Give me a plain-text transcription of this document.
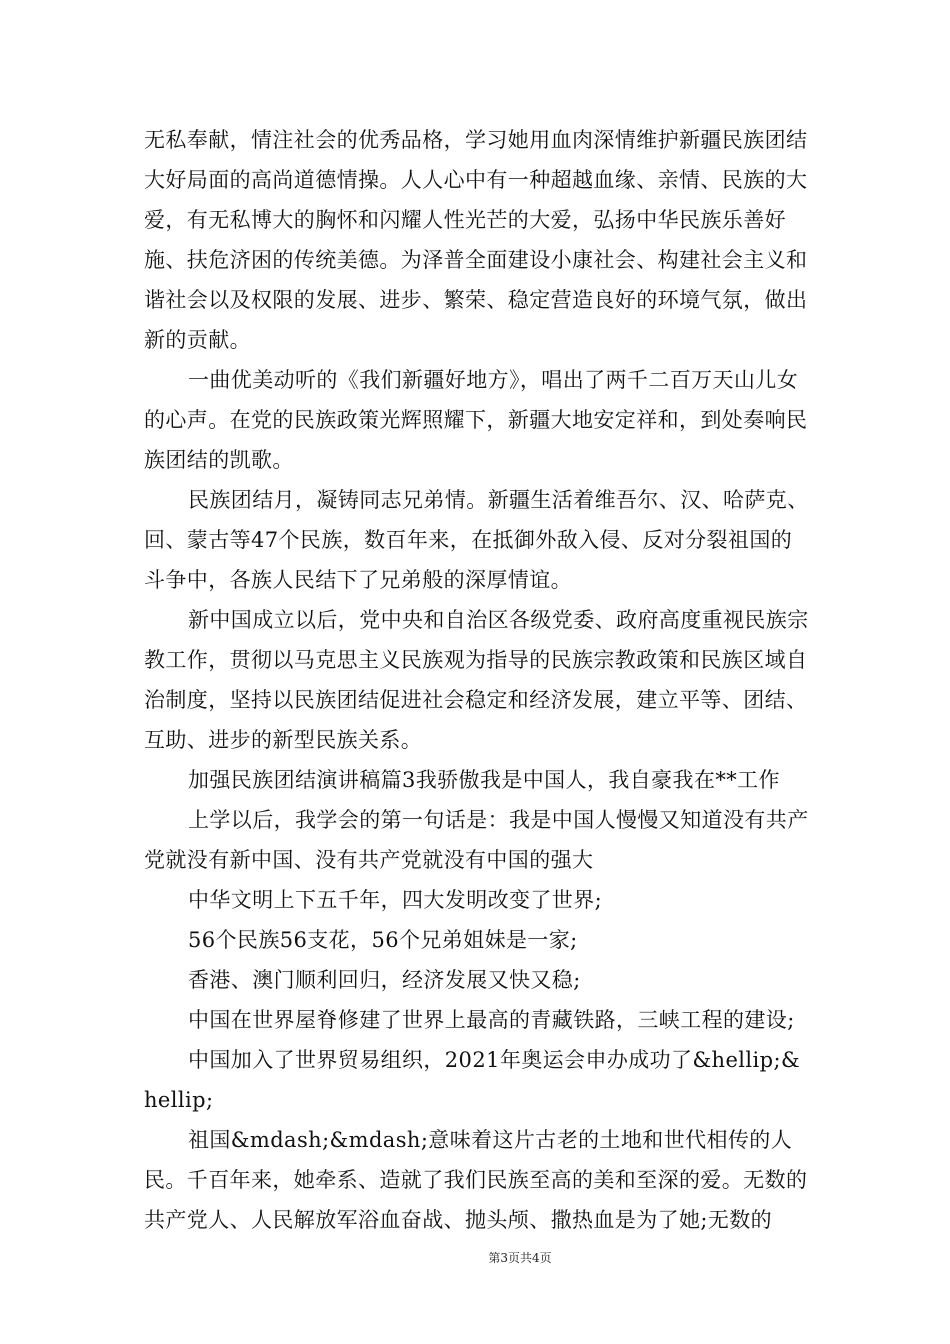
无私奉献，情注社会的优秀品格，学习她用血肉深情维护新疆民族团结大好局面的高尚道德情操。人人心中有一种超越血缘、亲情、民族的大爱，有无私博大的胸怀和闪耀人性光芒的大爱，弘扬中华民族乐善好施、扶危济困的传统美德。为泽普全面建设小康社会、构建社会主义和谐社会以及权限的发展、进步、繁荣、稳定营造良好的环境气氛，做出新的贡献。

一曲优美动听的《我们新疆好地方》，唱出了两千二百万天山儿女的心声。在党的民族政策光辉照耀下，新疆大地安定祥和，到处奏响民族团结的凯歌。

民族团结月，凝铸同志兄弟情。新疆生活着维吾尔、汉、哈萨克、回、蒙古等47个民族，数百年来，在抵御外敌入侵、反对分裂祖国的斗争中，各族人民结下了兄弟般的深厚情谊。

新中国成立以后，党中央和自治区各级党委、政府高度重视民族宗教工作，贯彻以马克思主义民族观为指导的民族宗教政策和民族区域自治制度，坚持以民族团结促进社会稳定和经济发展，建立平等、团结、互助、进步的新型民族关系。

加强民族团结演讲稿篇3我骄傲我是中国人，我自豪我在**工作

上学以后，我学会的第一句话是：我是中国人慢慢又知道没有共产党就没有新中国、没有共产党就没有中国的强大

中华文明上下五千年，四大发明改变了世界;

56个民族56支花，56个兄弟姐妹是一家;

香港、澳门顺利回归，经济发展又快又稳;

中国在世界屋脊修建了世界上最高的青藏铁路，三峡工程的建设;

中国加入了世界贸易组织，2021年奥运会申办成功了&hellip;&hellip;

祖国&mdash;&mdash;意味着这片古老的土地和世代相传的人民。千百年来，她牵系、造就了我们民族至高的美和至深的爱。无数的共产党人、人民解放军浴血奋战、抛头颅、撒热血是为了她;无数的

第3页共4页
